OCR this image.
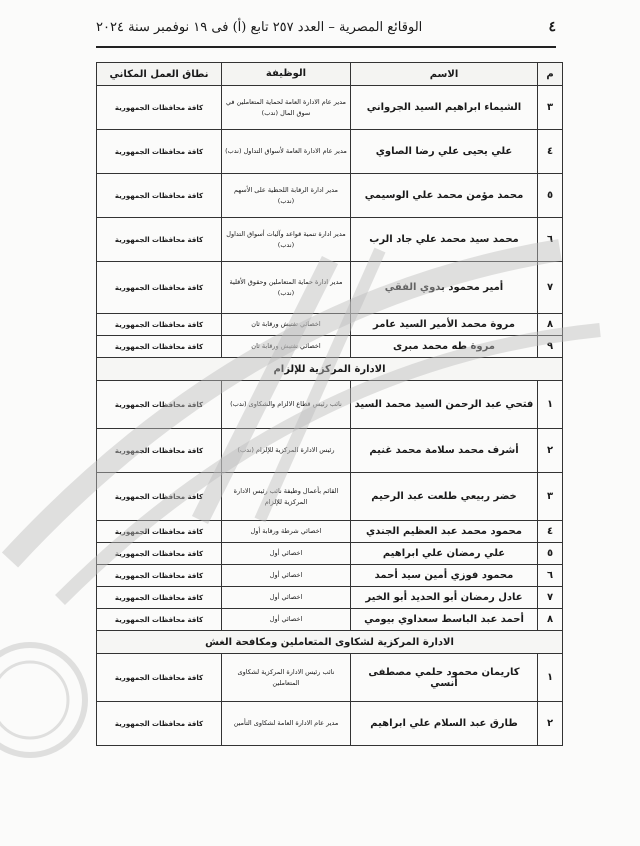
٤
الوقائع المصرية – العدد ٢٥٧ تابع (أ) فى ١٩ نوفمبر سنة ٢٠٢٤
م	الاسم	الوظيفة	نطاق العمل المكاني
٣	الشيماء ابراهيم السيد الجرواني	مدير عام الادارة العامة لحماية المتعاملين في سوق المال (ندب)	كافة محافظات الجمهورية
٤	علي يحيى علي رضا الصاوي	مدير عام الادارة العامة لأسواق التداول (ندب)	كافة محافظات الجمهورية
٥	محمد مؤمن محمد علي الوسيمي	مدير ادارة الرقابة اللحظية على الأسهم (ندب)	كافة محافظات الجمهورية
٦	محمد سيد محمد علي جاد الرب	مدير ادارة تنمية قواعد وآليات أسواق التداول (ندب)	كافة محافظات الجمهورية
٧	أمير محمود بدوي الفقي	مدير ادارة حماية المتعاملين وحقوق الأقلية (ندب)	كافة محافظات الجمهورية
٨	مروة محمد الأمير السيد عامر	اخصائي تفتيش ورقابة ثان	كافة محافظات الجمهورية
٩	مروة طه محمد مبرى	اخصائي تفتيش ورقابة ثان	كافة محافظات الجمهورية
الادارة المركزية للإلزام			
١	فتحي عبد الرحمن السيد محمد السيد	نائب رئيس قطاع الالزام والشكاوى (ندب)	كافة محافظات الجمهورية
٢	أشرف محمد سلامة محمد غنيم	رئيس الادارة المركزية للإلزام (ندب)	كافة محافظات الجمهورية
٣	خضر ربيعي طلعت عبد الرحيم	القائم بأعمال وظيفة نائب رئيس الادارة المركزية للإلزام	كافة محافظات الجمهورية
٤	محمود محمد عبد العظيم الجندي	اخصائي شرطة ورقابة أول	كافة محافظات الجمهورية
٥	علي رمضان علي ابراهيم	اخصائي أول	كافة محافظات الجمهورية
٦	محمود فوزي أمين سيد أحمد	اخصائي أول	كافة محافظات الجمهورية
٧	عادل رمضان أبو الحديد أبو الخير	اخصائي أول	كافة محافظات الجمهورية
٨	أحمد عبد الباسط سعداوي بيومي	اخصائي أول	كافة محافظات الجمهورية
الادارة المركزية لشكاوى المتعاملين ومكافحة الغش			
١	كاريمان محمود حلمي مصطفى أنسي	نائب رئيس الادارة المركزية لشكاوى المتعاملين	كافة محافظات الجمهورية
٢	طارق عبد السلام علي ابراهيم	مدير عام الادارة العامة لشكاوى التأمين	كافة محافظات الجمهورية
